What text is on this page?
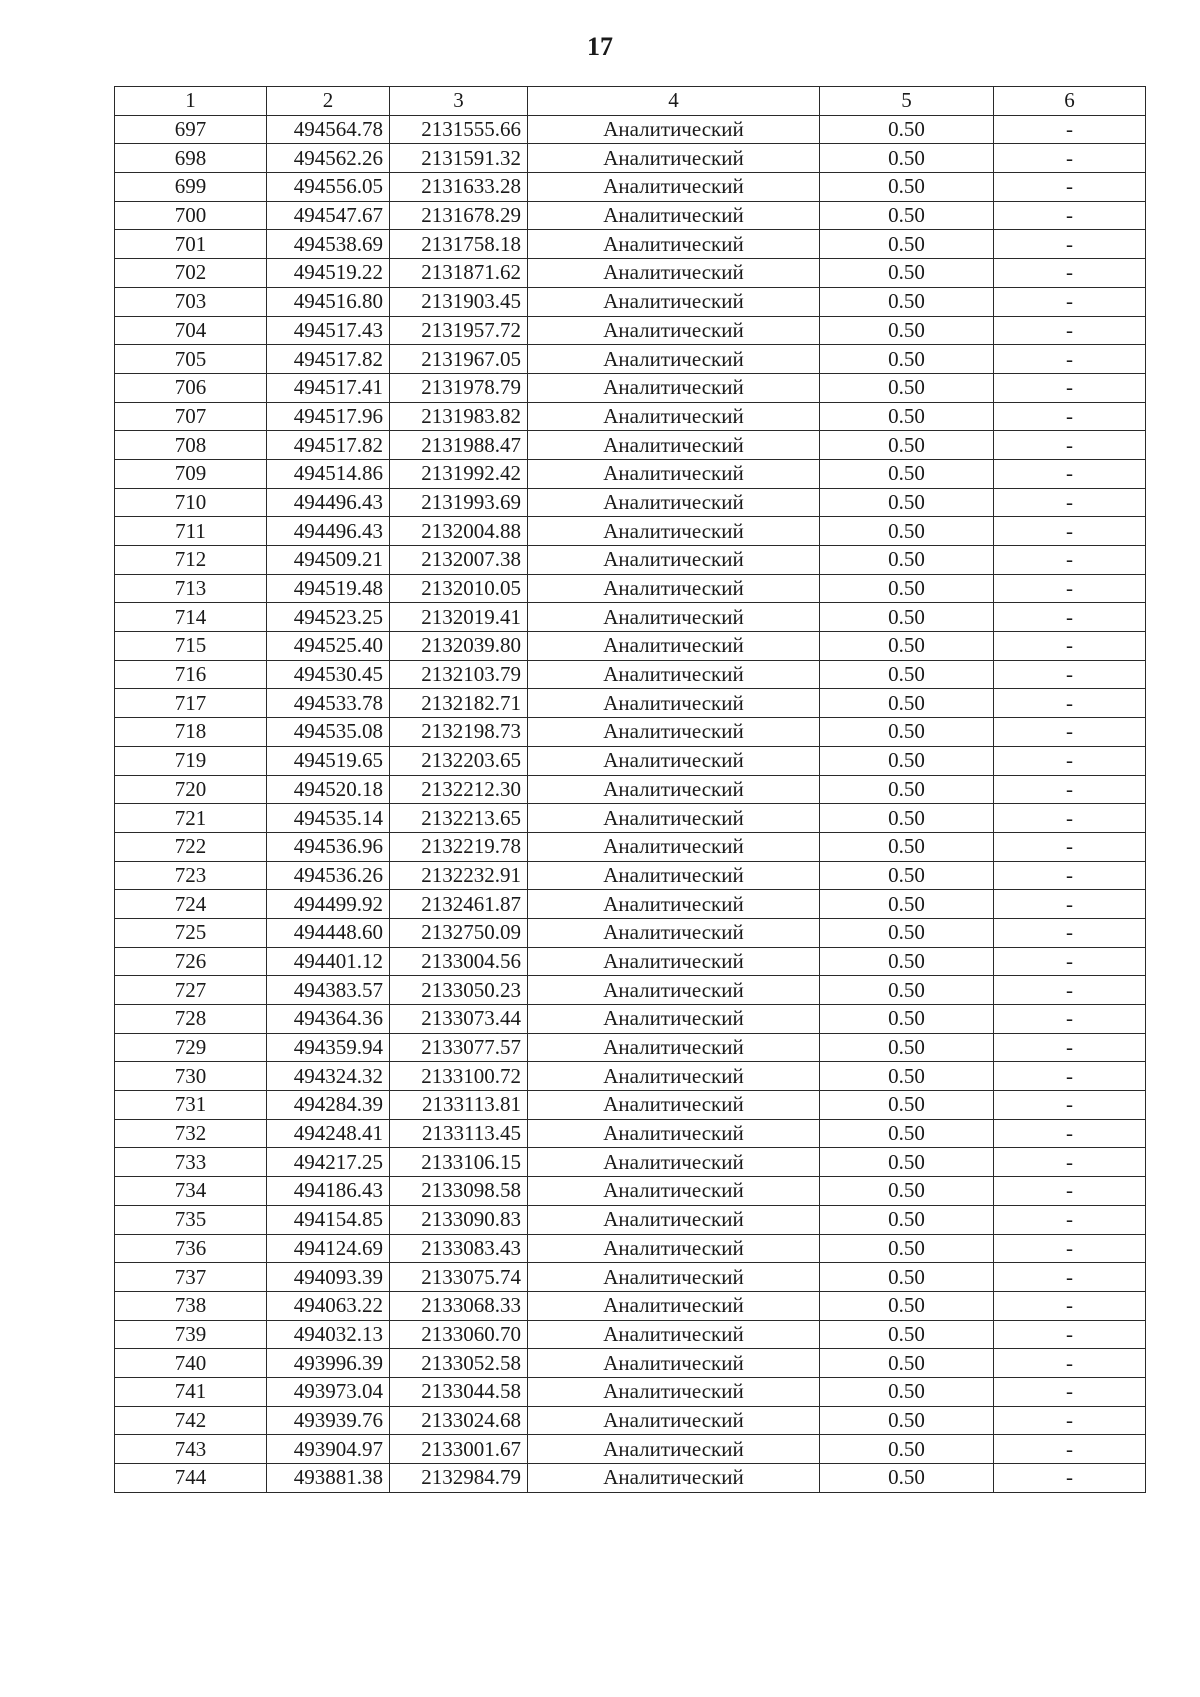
17
1	2	3	4	5	6
697	494564.78	2131555.66	Аналитический	0.50	-
698	494562.26	2131591.32	Аналитический	0.50	-
699	494556.05	2131633.28	Аналитический	0.50	-
700	494547.67	2131678.29	Аналитический	0.50	-
701	494538.69	2131758.18	Аналитический	0.50	-
702	494519.22	2131871.62	Аналитический	0.50	-
703	494516.80	2131903.45	Аналитический	0.50	-
704	494517.43	2131957.72	Аналитический	0.50	-
705	494517.82	2131967.05	Аналитический	0.50	-
706	494517.41	2131978.79	Аналитический	0.50	-
707	494517.96	2131983.82	Аналитический	0.50	-
708	494517.82	2131988.47	Аналитический	0.50	-
709	494514.86	2131992.42	Аналитический	0.50	-
710	494496.43	2131993.69	Аналитический	0.50	-
711	494496.43	2132004.88	Аналитический	0.50	-
712	494509.21	2132007.38	Аналитический	0.50	-
713	494519.48	2132010.05	Аналитический	0.50	-
714	494523.25	2132019.41	Аналитический	0.50	-
715	494525.40	2132039.80	Аналитический	0.50	-
716	494530.45	2132103.79	Аналитический	0.50	-
717	494533.78	2132182.71	Аналитический	0.50	-
718	494535.08	2132198.73	Аналитический	0.50	-
719	494519.65	2132203.65	Аналитический	0.50	-
720	494520.18	2132212.30	Аналитический	0.50	-
721	494535.14	2132213.65	Аналитический	0.50	-
722	494536.96	2132219.78	Аналитический	0.50	-
723	494536.26	2132232.91	Аналитический	0.50	-
724	494499.92	2132461.87	Аналитический	0.50	-
725	494448.60	2132750.09	Аналитический	0.50	-
726	494401.12	2133004.56	Аналитический	0.50	-
727	494383.57	2133050.23	Аналитический	0.50	-
728	494364.36	2133073.44	Аналитический	0.50	-
729	494359.94	2133077.57	Аналитический	0.50	-
730	494324.32	2133100.72	Аналитический	0.50	-
731	494284.39	2133113.81	Аналитический	0.50	-
732	494248.41	2133113.45	Аналитический	0.50	-
733	494217.25	2133106.15	Аналитический	0.50	-
734	494186.43	2133098.58	Аналитический	0.50	-
735	494154.85	2133090.83	Аналитический	0.50	-
736	494124.69	2133083.43	Аналитический	0.50	-
737	494093.39	2133075.74	Аналитический	0.50	-
738	494063.22	2133068.33	Аналитический	0.50	-
739	494032.13	2133060.70	Аналитический	0.50	-
740	493996.39	2133052.58	Аналитический	0.50	-
741	493973.04	2133044.58	Аналитический	0.50	-
742	493939.76	2133024.68	Аналитический	0.50	-
743	493904.97	2133001.67	Аналитический	0.50	-
744	493881.38	2132984.79	Аналитический	0.50	-
